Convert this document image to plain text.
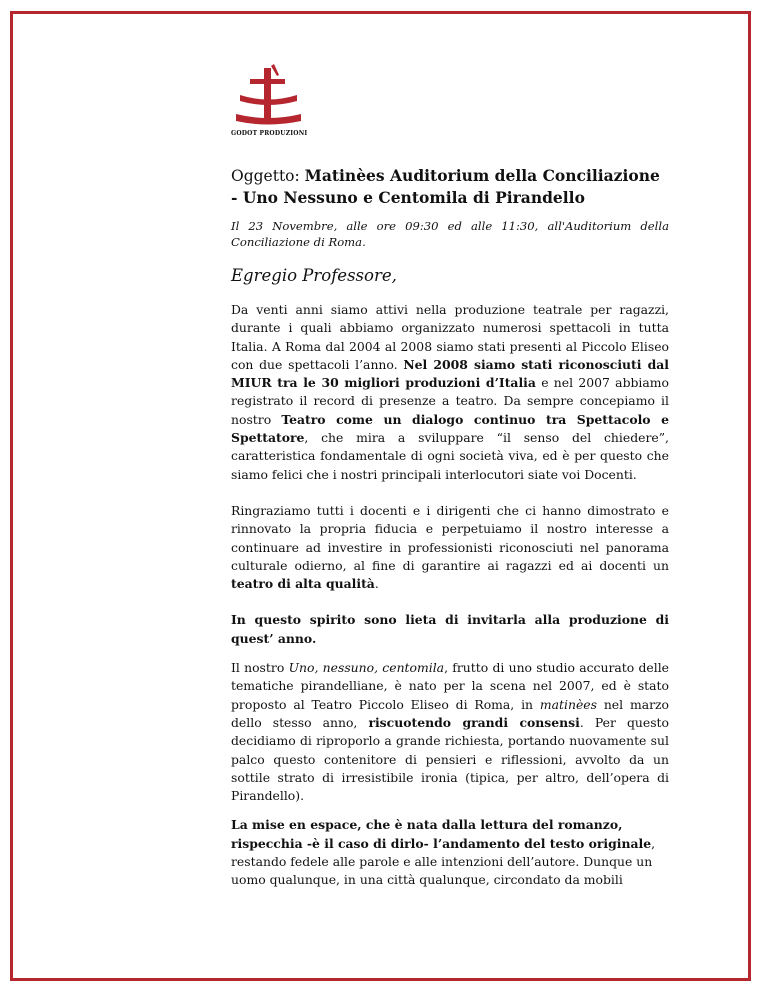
GODOT PRODUZIONI

Oggetto: Matinèes Auditorium della Conciliazione - Uno Nessuno e Centomila di Pirandello

Il 23 Novembre, alle ore 09:30 ed alle 11:30, all'Auditorium della Conciliazione di Roma.

Egregio Professore,

Da venti anni siamo attivi nella produzione teatrale per ragazzi, durante i quali abbiamo organizzato numerosi spettacoli in tutta Italia. A Roma dal 2004 al 2008 siamo stati presenti al Piccolo Eliseo con due spettacoli l’anno. Nel 2008 siamo stati riconosciuti dal MIUR tra le 30 migliori produzioni d’Italia e nel 2007 abbiamo registrato il record di presenze a teatro. Da sempre concepiamo il nostro Teatro come un dialogo continuo tra Spettacolo e Spettatore, che mira a sviluppare “il senso del chiedere”, caratteristica fondamentale di ogni società viva, ed è per questo che siamo felici che i nostri principali interlocutori siate voi Docenti.

Ringraziamo tutti i docenti e i dirigenti che ci hanno dimostrato e rinnovato la propria fiducia e perpetuiamo il nostro interesse a continuare ad investire in professionisti riconosciuti nel panorama culturale odierno, al fine di garantire ai ragazzi ed ai docenti un teatro di alta qualità.

In questo spirito sono lieta di invitarla alla produzione di quest’ anno.

Il nostro Uno, nessuno, centomila, frutto di uno studio accurato delle tematiche pirandelliane, è nato per la scena nel 2007, ed è stato proposto al Teatro Piccolo Eliseo di Roma, in matinèes nel marzo dello stesso anno, riscuotendo grandi consensi. Per questo decidiamo di riproporlo a grande richiesta, portando nuovamente sul palco questo contenitore di pensieri e riflessioni, avvolto da un sottile strato di irresistibile ironia (tipica, per altro, dell’opera di Pirandello).

La mise en espace, che è nata dalla lettura del romanzo, rispecchia -è il caso di dirlo- l’andamento del testo originale, restando fedele alle parole e alle intenzioni dell’autore. Dunque un uomo qualunque, in una città qualunque, circondato da mobili
